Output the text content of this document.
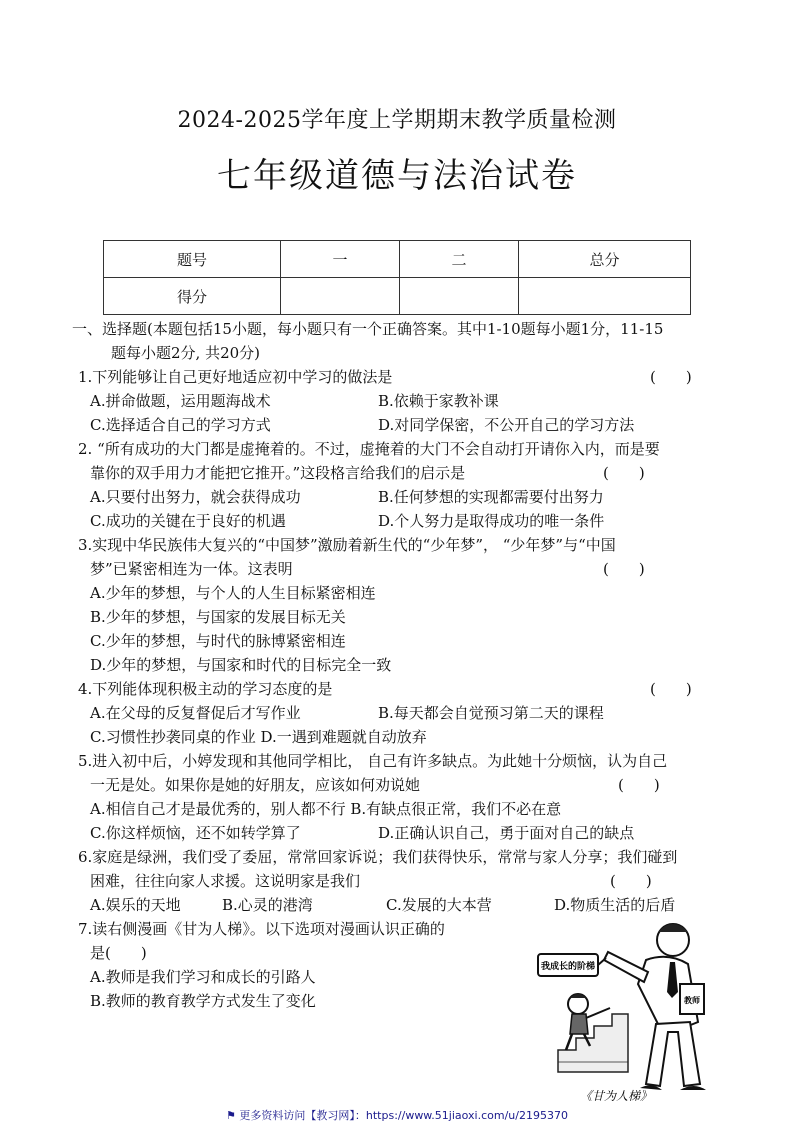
2024-2025学年度上学期期末教学质量检测
七年级道德与法治试卷
题号	一	二	总分
得分			
一、选择题(本题包括15小题，每小题只有一个正确答案。其中1-10题每小题1分，11-15
题每小题2分, 共20分)
1.下列能够让自己更好地适应初中学习的做法是	(　　)
A.拼命做题，运用题海战术	B.依赖于家教补课
C.选择适合自己的学习方式	D.对同学保密，不公开自己的学习方法
2. “所有成功的大门都是虚掩着的。不过，虚掩着的大门不会自动打开请你入内，而是要
靠你的双手用力才能把它推开。”这段格言给我们的启示是	(　　)
A.只要付出努力，就会获得成功	B.任何梦想的实现都需要付出努力
C.成功的关键在于良好的机遇	D.个人努力是取得成功的唯一条件
3.实现中华民族伟大复兴的“中国梦”激励着新生代的“少年梦”， “少年梦”与“中国
梦”已紧密相连为一体。这表明	(　　)
A.少年的梦想，与个人的人生目标紧密相连
B.少年的梦想，与国家的发展目标无关
C.少年的梦想，与时代的脉博紧密相连
D.少年的梦想，与国家和时代的目标完全一致
4.下列能体现积极主动的学习态度的是	(　　)
A.在父母的反复督促后才写作业	B.每天都会自觉预习第二天的课程
C.习惯性抄袭同桌的作业 D.一遇到难题就自动放弃
5.进入初中后，小婷发现和其他同学相比， 自己有许多缺点。为此她十分烦恼，认为自己
一无是处。如果你是她的好朋友，应该如何劝说她	(　　)
A.相信自己才是最优秀的，别人都不行 B.有缺点很正常，我们不必在意
C.你这样烦恼，还不如转学算了	D.正确认识自己，勇于面对自己的缺点
6.家庭是绿洲，我们受了委屈，常常回家诉说；我们获得快乐，常常与家人分享；我们碰到
困难，往往向家人求援。这说明家是我们	(　　)
A.娱乐的天地	B.心灵的港湾	C.发展的大本营	D.物质生活的后盾
7.读右侧漫画《甘为人梯》。以下选项对漫画认识正确的
是(　　)
A.教师是我们学习和成长的引路人
B.教师的教育教学方式发生了变化
我成长的阶梯
教师
《甘为人梯》
⚑ 更多资料访问【教习网】：https://www.51jiaoxi.com/u/2195370
